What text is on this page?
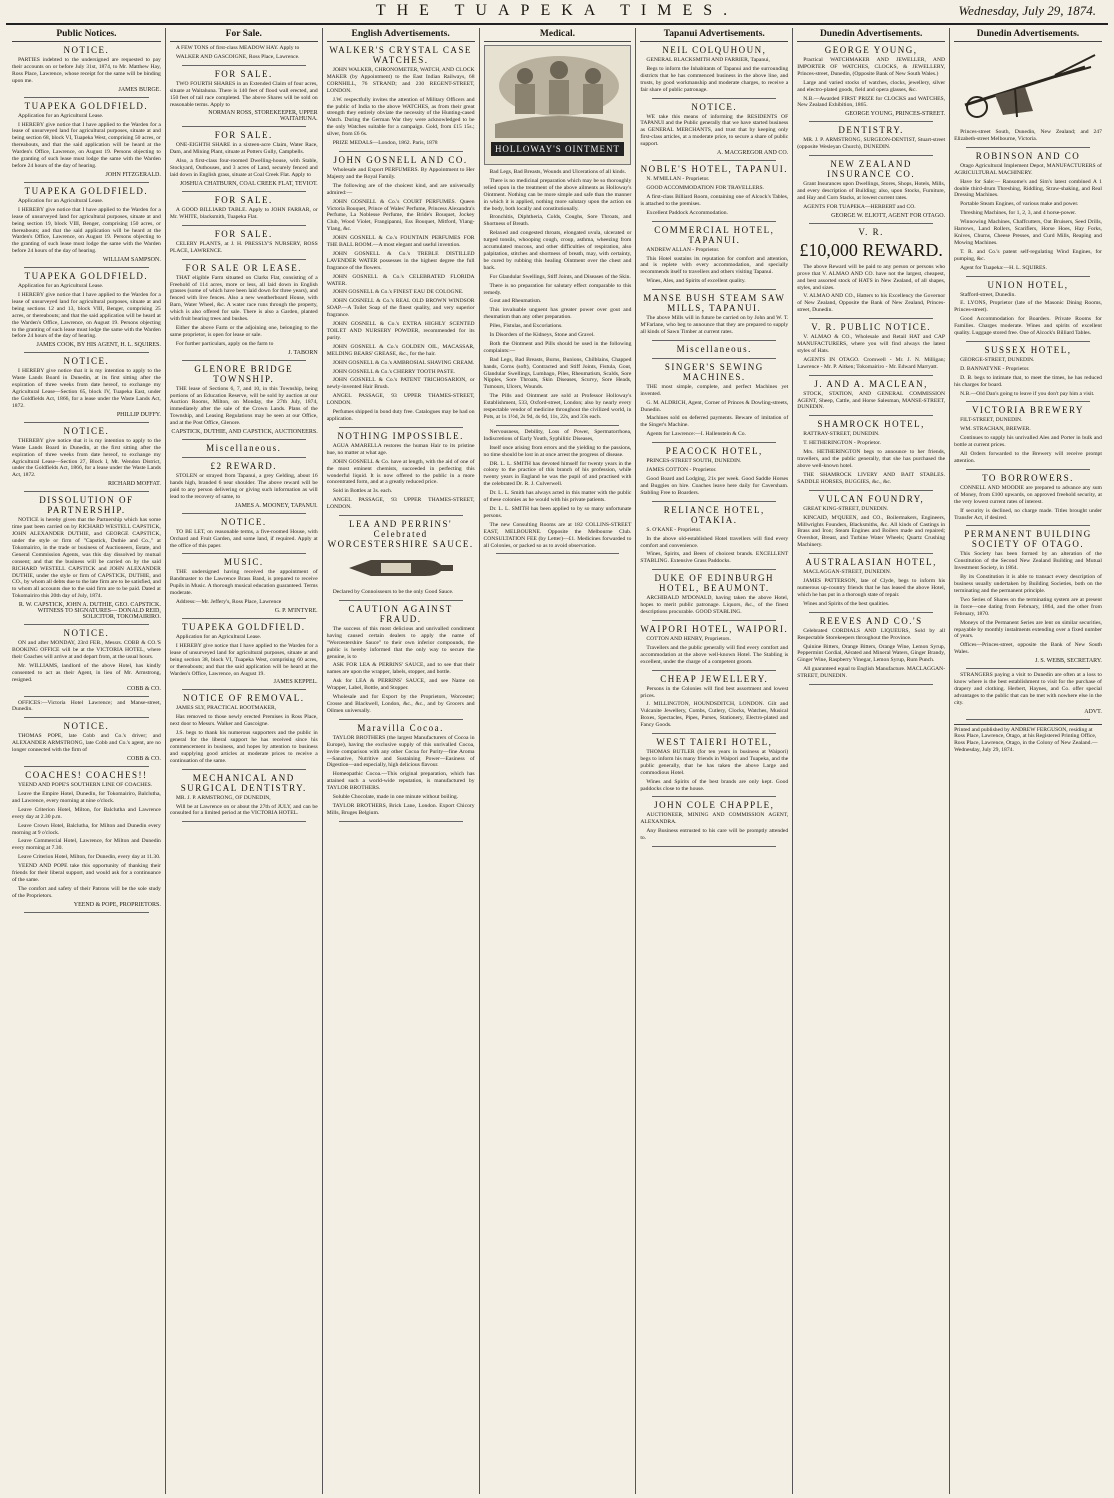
THE TUAPEKA TIMES.	Wednesday, July 29, 1874.
Public Notices.
NOTICE.

PARTIES indebted to the undersigned are requested to pay their accounts on or before July 31st, 1874, to Mr. Matthew Hay, Ross Place, Lawrence, whose receipt for the same will be binding upon me.

JAMES BURGE.
TUAPEKA GOLDFIELD.

Application for an Agricultural Lease.

I HEREBY give notice that I have applied to the Warden for a lease of unsurveyed land for agricultural purposes, situate at and being section 68, block VI, Tuapeka West, comprising 50 acres, or thereabouts, and that the said application will be heard at the Warden's Office, Lawrence, on August 19. Persons objecting to the granting of such lease must lodge the same with the Warden before 24 hours of the day of hearing.

JOHN FITZGERALD.
TUAPEKA GOLDFIELD.

Application for an Agricultural Lease.

I HEREBY give notice that I have applied to the Warden for a lease of unsurveyed land for agricultural purposes, situate at and being section 19, block VIII, Benger, comprising 150 acres, or thereabouts; and that the said application will be heard at the Warden's Office, Lawrence, on August 19. Persons objecting to the granting of such lease must lodge the same with the Warden before 24 hours of the day of hearing.

WILLIAM SAMPSON.
TUAPEKA GOLDFIELD.

Application for an Agricultural Lease.

I HEREBY give notice that I have applied to the Warden for a lease of unsurveyed land for agricultural purposes, situate at and being sections 12 and 13, block VIII, Benger, comprising 25 acres, or thereabouts; and that the said application will be heard at the Warden's Office, Lawrence, on August 19. Persons objecting to the granting of such lease must lodge the same with the Warden before 24 hours of the day of hearing.

JAMES COOK, BY HIS AGENT, H. L. SQUIRES.
NOTICE.

I HEREBY give notice that it is my intention to apply to the Waste Lands Board in Dunedin, at its first sitting after the expiration of three weeks from date hereof, to exchange my Agricultural Lease—Section 65, block IV, Tuapeka East, under the Goldfields Act, 1866, for a lease under the Waste Lands Act, 1872.

PHILLIP DUFFY.
NOTICE.

THEREBY give notice that it is my intention to apply to the Waste Lands Board in Dunedin, at the first sitting after the expiration of three weeks from date hereof, to exchange my Agricultural Lease—Section 27, Block I, Mt. Wendon District, under the Goldfields Act, 1866, for a lease under the Waste Lands Act, 1872.

RICHARD MOFFAT.
DISSOLUTION OF PARTNERSHIP.

NOTICE is hereby given that the Partnership which has some time past been carried on by RICHARD WESTELL CAPSTICK, JOHN ALEXANDER DUTHIE, and GEORGE CAPSTICK, under the style or firm of "Capstick, Duthie and Co.," at Tokomairiro, in the trade or business of Auctioneers, Estate, and General Commission Agents, was this day dissolved by mutual consent; and that the business will be carried on by the said RICHARD WESTELL CAPSTICK and JOHN ALEXANDER DUTHIE, under the style or firm of CAPSTICK, DUTHIE, and CO., by whom all debts due to the late firm are to be satisfied, and to whom all accounts due to the said firm are to be paid. Dated at Tokomairiro this 20th day of July, 1874.

R. W. CAPSTICK, JOHN A. DUTHIE, GEO. CAPSTICK. WITNESS TO SIGNATURES— DONALD REID, SOLICITOR, TOKOMAIRIRO.
NOTICE.

ON and after MONDAY, 23rd FEB., Messrs. COBB & CO.'S BOOKING OFFICE will be at the VICTORIA HOTEL, where their Coaches will arrive at and depart from, at the usual hours.

Mr. WILLIAMS, landlord of the above Hotel, has kindly consented to act as their Agent, in lieu of Mr. Armstrong, resigned.

COBB & CO.

OFFICES:—Victoria Hotel Lawrence; and Manse-street, Dunedin.

NOTICE.

THOMAS POPE, late Cobb and Co.'s driver; and ALEXANDER ARMSTRONG, late Cobb and Co.'s agent, are no longer connected with the firm of

COBB & CO.
COACHES! COACHES!!

YEEND AND POPE'S SOUTHERN LINE OF COACHES.

Leave the Empire Hotel, Dunedin, for Tokomairiro, Balclutha, and Lawrence, every morning at nine o'clock.

Leave Criterion Hotel, Milton, for Balclutha and Lawrence every day at 2.30 p.m.

Leave Crown Hotel, Balclutha, for Milton and Dunedin every morning at 9 o'clock.

Leave Commercial Hotel, Lawrence, for Milton and Dunedin every morning at 7.30.

Leave Criterion Hotel, Milton, for Dunedin, every day at 11.30.

YEEND AND POPE take this opportunity of thanking their friends for their liberal support, and would ask for a continuance of the same.

The comfort and safety of their Patrons will be the sole study of the Proprietors.

YEEND & POPE, PROPRIETORS.
For Sale.

A FEW TONS of first-class MEADOW HAY. Apply to

WALKER AND GASCOIGNE, Ross Place, Lawrence.

FOR SALE.

TWO FOURTH SHARES in an Extended Claim of four acres, situate at Waitahuna. There is 140 feet of flood wall erected, and 150 feet of tail race completed. The above Shares will be sold on reasonable terms. Apply to

NORMAN ROSS, STOREKEEPER, UPPER WAITAHUNA.
FOR SALE.

ONE-EIGHTH SHARE in a sixteen-acre Claim, Water Race, Dam, and Mining Plant, situate at Potters Gully, Campbells.

Also, a first-class four-roomed Dwelling-house, with Stable, Stockyard, Outhouses, and 3 acres of Land, securely fenced and laid down in English grass, situate at Coal Creek Flat. Apply to

JOSHUA CHATBURN, COAL CREEK FLAT, TEVIOT.
FOR SALE.

A GOOD BILLIARD TABLE. Apply to JOHN FARRAR, or Mr. WHITE, blacksmith, Tuapeka Flat.

FOR SALE.

CELERY PLANTS, at J. H. PRESSLY'S NURSERY, ROSS PLACE, LAWRENCE.

FOR SALE OR LEASE.

THAT eligible Farm situated on Clarks Flat, consisting of a Freehold of 114 acres, more or less, all laid down in English grasses (some of which have been laid down for three years), and fenced with live fences. Also a new weatherboard House, with Barn, Water Wheel, &c. A water race runs through the property, which is also offered for sale. There is also a Garden, planted with fruit bearing trees and bushes.

Either the above Farm or the adjoining one, belonging to the same proprietor, is open for lease or sale.

For further particulars, apply on the farm to

J. TABORN
GLENORE BRIDGE TOWNSHIP.

THE lease of Sections 6, 7, and 10, in this Township, being portions of an Education Reserve, will be sold by auction at our Auction Rooms, Milton, on Monday, the 27th July, 1874, immediately after the sale of the Crown Lands. Plans of the Township, and Leasing Regulations may be seen at our Office, and at the Post Office, Glenore.

CAPSTICK, DUTHIE, AND CAPSTICK, AUCTIONEERS.
Miscellaneous.
£2 REWARD.

STOLEN or strayed from Tapanui, a grey Gelding, about 16 hands high, branded 6 near shoulder. The above reward will be paid to any person delivering or giving such information as will lead to the recovery of same, to

JAMES A. MOONEY, TAPANUI.
NOTICE.

TO BE LET, on reasonable terms, a five-roomed House, with Orchard and Fruit Garden, and some land, if required. Apply at the office of this paper.

MUSIC.

THE undersigned having received the appointment of Bandmaster to the Lawrence Brass Band, is prepared to receive Pupils in Music. A thorough musical education guaranteed. Terms moderate.

Address:—Mr. Jeffery's, Ross Place, Lawrence

G. P. M'INTYRE.
TUAPEKA GOLDFIELD.

Application for an Agricultural Lease.

I HEREBY give notice that I have applied to the Warden for a lease of unsurveyed land for agricultural purposes, situate at and being section 38, block VI, Tuapeka West, comprising 60 acres, or thereabouts; and that the said application will be heard at the Warden's Office, Lawrence, on August 19.

JAMES KEPPEL.
NOTICE OF REMOVAL.

JAMES SLY, PRACTICAL BOOTMAKER,

Has removed to those newly erected Premises in Ross Place, next door to Messrs. Walker and Gascoigne.

J.S. begs to thank his numerous supporters and the public in general for the liberal support he has received since his commencement in business, and hopes by attention to business and supplying good articles at moderate prices to receive a continuation of the same.

MECHANICAL AND SURGICAL DENTISTRY.

MR. J. P. ARMSTRONG, OF DUNEDIN,

Will be at Lawrence on or about the 27th of JULY, and can be consulted for a limited period at the VICTORIA HOTEL.

English Advertisements.
WALKER'S CRYSTAL CASE WATCHES.

JOHN WALKER, CHRONOMETER, WATCH, AND CLOCK MAKER (by Appointment) to the East Indian Railways, 68 CORNHILL, 76 STRAND; and 230 REGENT-STREET, LONDON.

J.W. respectfully invites the attention of Military Officers and the public of India to the above WATCHES, as from their great strength they entirely obviate the necessity of the Hunting-cased Watch. During the German War they were acknowledged to be the only Watches suitable for a campaign. Gold, from £15 15s.; silver, from £6 6s.

PRIZE MEDALS—London, 1862. Paris, 1878

JOHN GOSNELL AND CO.

Wholesale and Export PERFUMERS. By Appointment to Her Majesty and the Royal Family.

The following are of the choicest kind, and are universally admired:—

JOHN GOSNELL & Co.'s COURT PERFUMES. Queen Victoria Bouquet, Prince of Wales' Perfume, Princess Alexandra's Perfume, La Noblesse Perfume, the Bride's Bouquet, Jockey Club, Wood Violet, Frangipanni, Ess Bouquet, Mitford, Ylang-Ylang, &c.

JOHN GOSNELL & Co.'s FOUNTAIN PERFUMES FOR THE BALL ROOM.—A most elegant and useful invention.

JOHN GOSNELL & Co.'s TREBLE DISTILLED LAVENDER WATER possesses in the highest degree the full fragrance of the flowers.

JOHN GOSNELL & Co.'s CELEBRATED FLORIDA WATER.

JOHN GOSNELL & Co.'s FINEST EAU DE COLOGNE.

JOHN GOSNELL & Co.'s REAL OLD BROWN WINDSOR SOAP.—A Toilet Soap of the finest quality, and very superior fragrance.

JOHN GOSNELL & Co.'s EXTRA HIGHLY SCENTED TOILET AND NURSERY POWDER, recommended for its purity.

JOHN GOSNELL & Co.'s GOLDEN OIL, MACASSAR, MELDING BEARS' GREASE, &c., for the hair.

JOHN GOSNELL & Co.'s AMBROSIAL SHAVING CREAM.

JOHN GOSNELL & Co.'s CHERRY TOOTH PASTE.

JOHN GOSNELL & Co.'s PATENT TRICHOSARION, or newly-invented Hair Brush.

ANGEL PASSAGE, 93 UPPER THAMES-STREET, LONDON.

Perfumes shipped in bond duty free. Catalogues may be had on application.

NOTHING IMPOSSIBLE.

AGUA AMARELLA restores the human Hair to its pristine hue, no matter at what age.

JOHN GOSNELL & Co. have at length, with the aid of one of the most eminent chemists, succeeded in perfecting this wonderful liquid. It is now offered to the public in a more concentrated form, and at a greatly reduced price.

Sold in Bottles at 3s. each.

ANGEL PASSAGE, 93 UPPER THAMES-STREET, LONDON.

LEA AND PERRINS' Celebrated WORCESTERSHIRE SAUCE.

Declared by Connoisseurs to be the only Good Sauce.

CAUTION AGAINST FRAUD.

The success of this most delicious and unrivalled condiment having caused certain dealers to apply the name of "Worcestershire Sauce" to their own inferior compounds, the public is hereby informed that the only way to secure the genuine, is to

ASK FOR LEA & PERRINS' SAUCE, and to see that their names are upon the wrapper, labels, stopper, and bottle.

Ask for LEA & PERRINS' SAUCE, and see Name on Wrapper, Label, Bottle, and Stopper.

Wholesale and for Export by the Proprietors, Worcester; Crosse and Blackwell, London, &c., &c., and by Grocers and Oilmen universally.

Maravilla Cocoa.

TAYLOR BROTHERS (the largest Manufacturers of Cocoa in Europe), having the exclusive supply of this unrivalled Cocoa, invite comparison with any other Cocoa for Purity—fine Aroma—Sanative, Nutritive and Sustaining Power—Easiness of Digestion—and especially, high delicious flavour.

Homeopathic Cocoa.—This original preparation, which has attained such a world-wide reputation, is manufactured by TAYLOR BROTHERS.

Soluble Chocolate, made in one minute without boiling.

TAYLOR BROTHERS, Brick Lane, London. Export Chicory Mills, Bruges Belgium.

Medical.
HOLLOWAY'S OINTMENT

Bad Legs, Bad Breasts, Wounds and Ulcerations of all kinds.

There is no medicinal preparation which may be so thoroughly relied upon in the treatment of the above ailments as Holloway's Ointment. Nothing can be more simple and safe than the manner in which it is applied, nothing more salutary upon the action on the body, both locally and constitutionally.

Bronchitis, Diphtheria, Colds, Coughs, Sore Throats, and Shortness of Breath.

Relaxed and congested throats, elongated uvula, ulcerated or turged tonsils, whooping cough, croup, asthma, wheezing from accumulated mucous, and other difficulties of respiration, also palpitation, stitches and shortness of breath, may, with certainty, be cured by rubbing this healing Ointment over the chest and back.

For Glandular Swellings, Stiff Joints, and Diseases of the Skin.

There is no preparation for salutary effect comparable to this remedy.

Gout and Rheumatism.

This invaluable unguent has greater power over gout and rheumatism than any other preparation.

Piles, Fistulas, and Excoriations.

In Disorders of the Kidneys, Stone and Gravel.

Both the Ointment and Pills should be used in the following complaints:—

Bad Legs, Bad Breasts, Burns, Bunions, Chilblains, Chapped hands, Corns (soft), Contracted and Stiff Joints, Fistula, Gout, Glandular Swellings, Lumbago, Piles, Rheumatism, Scalds, Sore Nipples, Sore Throats, Skin Diseases, Scurvy, Sore Heads, Tumours, Ulcers, Wounds.

The Pills and Ointment are sold at Professor Holloway's Establishment, 533, Oxford-street, London; also by nearly every respectable vendor of medicine throughout the civilized world, in Pots, at 1s 1½d, 2s 9d, 4s 6d, 11s, 22s, and 33s each.

Nervousness, Debility, Loss of Power, Spermatorrhoea, Indiscretions of Early Youth, Syphilitic Diseases,

Itself once arising from errors and the yielding to the passions, no time should be lost in at once arrest the progress of disease.

DR. L. L. SMITH has devoted himself for twenty years in the colony to the practice of this branch of his profession, while twenty years in England he was the pupil of and practised with the celebrated Dr. R. J. Culverwell.

Dr. L. L. Smith has always acted in this matter with the public of these colonies as he would with his private patients.

Dr. L. L. SMITH has been applied to by so many unfortunate persons.

The new Consulting Rooms are at 182 COLLINS-STREET EAST, MELBOURNE. Opposite the Melbourne Club. CONSULTATION FEE (by Letter)—£1. Medicines forwarded to all Colonies, or packed so as to avoid observation.

Tapanui Advertisements.
NEIL COLQUHOUN,

GENERAL BLACKSMITH AND FARRIER, Tapanui,

Begs to inform the Inhabitants of Tapanui and the surrounding districts that he has commenced business in the above line, and trusts, by good workmanship and moderate charges, to receive a fair share of public patronage.

NOTICE.

WE take this means of informing the RESIDENTS OF TAPANUI and the Public generally that we have started business as GENERAL MERCHANTS, and trust that by keeping only first-class articles, at a moderate price, to secure a share of public support.

A. MACGREGOR AND CO.
NOBLE'S HOTEL, TAPANUI.

N. M'MILLAN - Proprietor.

GOOD ACCOMMODATION FOR TRAVELLERS.

A first-class Billiard Room, containing one of Alcock's Tables, is attached to the premises.

Excellent Paddock Accommodation.

COMMERCIAL HOTEL, TAPANUI.

ANDREW ALLAN - Proprietor.

This Hotel sustains its reputation for comfort and attention, and is replete with every accommodation, and specially recommends itself to travellers and others visiting Tapanui.

Wines, Ales, and Spirits of excellent quality.

MANSE BUSH STEAM SAW MILLS, TAPANUI.

The above Mills will in future be carried on by John and W. T. M'Farlane, who beg to announce that they are prepared to supply all kinds of Sawn Timber at current rates.

Miscellaneous.
SINGER'S SEWING MACHINES.

THE most simple, complete, and perfect Machines yet invented.

G. M. ALDRICH, Agent, Corner of Princes & Dowling-streets, Dunedin.

Machines sold on deferred payments. Beware of imitation of the Singer's Machine.

Agents for Lawrence:—I. Hallenstein & Co.

PEACOCK HOTEL,

PRINCES-STREET SOUTH, DUNEDIN.

JAMES COTTON - Proprietor.

Good Board and Lodging, 21s per week. Good Saddle Horses and Buggies on hire. Coaches leave here daily for Caversham. Stabling Free to Boarders.

RELIANCE HOTEL, OTAKIA.

S. O'KANE - Proprietor.

In the above old-established Hotel travellers will find every comfort and convenience.

Wines, Spirits, and Beers of choicest brands. EXCELLENT STABLING. Extensive Grass Paddocks.

DUKE OF EDINBURGH HOTEL, BEAUMONT.

ARCHIBALD M'DONALD, having taken the above Hotel, hopes to merit public patronage. Liquors, &c., of the finest descriptions procurable. GOOD STABLING.

WAIPORI HOTEL, WAIPORI.

COTTON AND HENRY, Proprietors.

Travellers and the public generally will find every comfort and accommodation at the above well-known Hotel. The Stabling is excellent, under the charge of a competent groom.

CHEAP JEWELLERY.

Persons in the Colonies will find best assortment and lowest prices.

J. MILLINGTON, HOUNDSDITCH, LONDON. Gilt and Vulcanite Jewellery, Combs, Cutlery, Clocks, Watches, Musical Boxes, Spectacles, Pipes, Purses, Stationery, Electro-plated and Fancy Goods.

WEST TAIERI HOTEL,

THOMAS BUTLER (for ten years in business at Waipori) begs to inform his many friends in Waipori and Tuapeka, and the public generally, that he has taken the above Large and commodious Hotel.

Wines and Spirits of the best brands are only kept. Good paddocks close to the house.

JOHN COLE CHAPPLE,

AUCTIONEER, MINING AND COMMISSION AGENT, ALEXANDRA.

Any Business entrusted to his care will be promptly attended to.

Dunedin Advertisements.
GEORGE YOUNG,

Practical WATCHMAKER AND JEWELLER, AND IMPORTER OF WATCHES, CLOCKS, & JEWELLERY, Princes-street, Dunedin, (Opposite Bank of New South Wales.)

Large and varied stocks of watches, clocks, jewellery, silver and electro-plated goods, field and opera glasses, &c.

N.B.—Awarded FIRST PRIZE for CLOCKS and WATCHES, New Zealand Exhibition, 1865.

GEORGE YOUNG, PRINCES-STREET.
DENTISTRY.

MR. J. P. ARMSTRONG, SURGEON-DENTIST, Stuart-street (opposite Wesleyan Church), DUNEDIN.

NEW ZEALAND INSURANCE CO.

Grant Insurances upon Dwellings, Stores, Shops, Hotels, Mills, and every description of Building; also, upon Stocks, Furniture, and Hay and Corn Stacks, at lowest current rates.

AGENTS FOR TUAPEKA—HERBERT and CO.

GEORGE W. ELIOTT, AGENT FOR OTAGO.
V. R.
£10,000 REWARD.

The above Reward will be paid to any person or persons who prove that V. ALMAO AND CO. have not the largest, cheapest, and best assorted stock of HATS in New Zealand, of all shapes, styles, and sizes.

V. ALMAO AND CO., Hatters to his Excellency the Governor of New Zealand, Opposite the Bank of New Zealand, Princes-street, Dunedin.

V. R. PUBLIC NOTICE.

V. ALMAO & CO., Wholesale and Retail HAT and CAP MANUFACTURERS, where you will find always the latest styles of Hats.

AGENTS IN OTAGO. Cromwell - Mr. J. N. Milligan; Lawrence - Mr. P. Aitken; Tokomairiro - Mr. Edward Marryatt.

J. AND A. MACLEAN,

STOCK, STATION, AND GENERAL COMMISSION AGENT, Sheep, Cattle, and Horse Salesman, MANSE-STREET, DUNEDIN.

SHAMROCK HOTEL,

RATTRAY-STREET, DUNEDIN.

T. HETHERINGTON - Proprietor.

Mrs. HETHERINGTON begs to announce to her friends, travellers, and the public generally, that she has purchased the above well-known hotel.

THE SHAMROCK LIVERY AND BAIT STABLES. SADDLE HORSES, BUGGIES, &c., &c.

VULCAN FOUNDRY,

GREAT KING-STREET, DUNEDIN.

KINCAID, M'QUEEN, and CO., Boilermakers, Engineers, Millwrights Founders, Blacksmiths, &c. All kinds of Castings in Brass and Iron; Steam Engines and Boilers made and repaired; Overshot, Breast, and Turbine Water Wheels; Quartz Crushing Machinery.

AUSTRALASIAN HOTEL,

MACLAGGAN-STREET, DUNEDIN.

JAMES PATTERSON, late of Clyde, begs to inform his numerous up-country friends that he has leased the above Hotel, which he has put in a thorough state of repair.

Wines and Spirits of the best qualities.

REEVES AND CO.'S

Celebrated CORDIALS AND LIQUEURS, Sold by all Respectable Storekeepers throughout the Province.

Quinine Bitters, Orange Bitters, Orange Wine, Lemon Syrup, Peppermint Cordial, Aërated and Mineral Waters, Ginger Brandy, Ginger Wine, Raspberry Vinegar, Lemon Syrup, Rum Punch.

All guaranteed equal to English Manufacture. MACLAGGAN-STREET, DUNEDIN.

Dunedin Advertisements.

Princes-street South, Dunedin, New Zealand; and 247 Elizabeth-street Melbourne, Victoria.

ROBINSON AND CO

Otago Agricultural Implement Depot, MANUFACTURERS of AGRICULTURAL MACHINERY.

Have for Sale:— Ransome's and Sim's latest combined A 1 double third-drum Threshing, Riddling, Straw-shaking, and Real Dressing Machines.

Portable Steam Engines, of various make and power.

Threshing Machines, for 1, 2, 3, and 4 horse-power.

Winnowing Machines, Chaffcutters, Oat Bruisers, Seed Drills, Harrows, Land Rollers, Scarifiers, Horse Hoes, Hay Forks, Knives, Churns, Cheese Presses, and Curd Mills, Reaping and Mowing Machines.

T. R. and Co.'s patent self-regulating Wind Engines, for pumping, &c.

Agent for Tuapeka:—H. L. SQUIRES.

UNION HOTEL,

Stafford-street, Dunedin.

E. LYONS, Proprietor (late of the Masonic Dining Rooms, Princes-street).

Good Accommodation for Boarders. Private Rooms for Families. Charges moderate. Wines and spirits of excellent quality. Luggage stored free. One of Alcock's Billiard Tables.

SUSSEX HOTEL,

GEORGE-STREET, DUNEDIN.

D. BANNATYNE - Proprietor.

D. B. begs to intimate that, to meet the times, he has reduced his charges for board.

N.B.—Old Dan's going to leave if you don't pay him a visit.

VICTORIA BREWERY

FILT-STREET, DUNEDIN.

WM. STRACHAN, BREWER.

Continues to supply his unrivalled Ales and Porter in bulk and bottle at current prices.

All Orders forwarded to the Brewery will receive prompt attention.

TO BORROWERS.

CONNELL AND MOODIE are prepared to advance any sum of Money, from £100 upwards, on approved freehold security, at the very lowest current rates of interest.

If security is declined, no charge made. Titles brought under Transfer Act, if desired.

PERMANENT BUILDING SOCIETY OF OTAGO.

This Society has been formed by an alteration of the Constitution of the Second New Zealand Building and Mutual Investment Society, in 1864.

By its Constitution it is able to transact every description of business usually undertaken by Building Societies, both on the terminating and the permanent principle.

Two Series of Shares on the terminating system are at present in force—one dating from February, 1864, and the other from February, 1870.

Moneys of the Permanent Series are lent on similar securities, repayable by monthly instalments extending over a fixed number of years.

Offices—Princes-street, opposite the Bank of New South Wales.

J. S. WEBB, SECRETARY.

STRANGERS paying a visit to Dunedin are often at a loss to know where is the best establishment to visit for the purchase of drapery and clothing. Herbert, Haynes, and Co. offer special advantages to the public that can be met with nowhere else in the city.

ADVT.
Printed and published by ANDREW FERGUSON, residing at Ross Place, Lawrence, Otago, at his Registered Printing Office, Ross Place, Lawrence, Otago, in the Colony of New Zealand.—Wednesday, July 29, 1874.
